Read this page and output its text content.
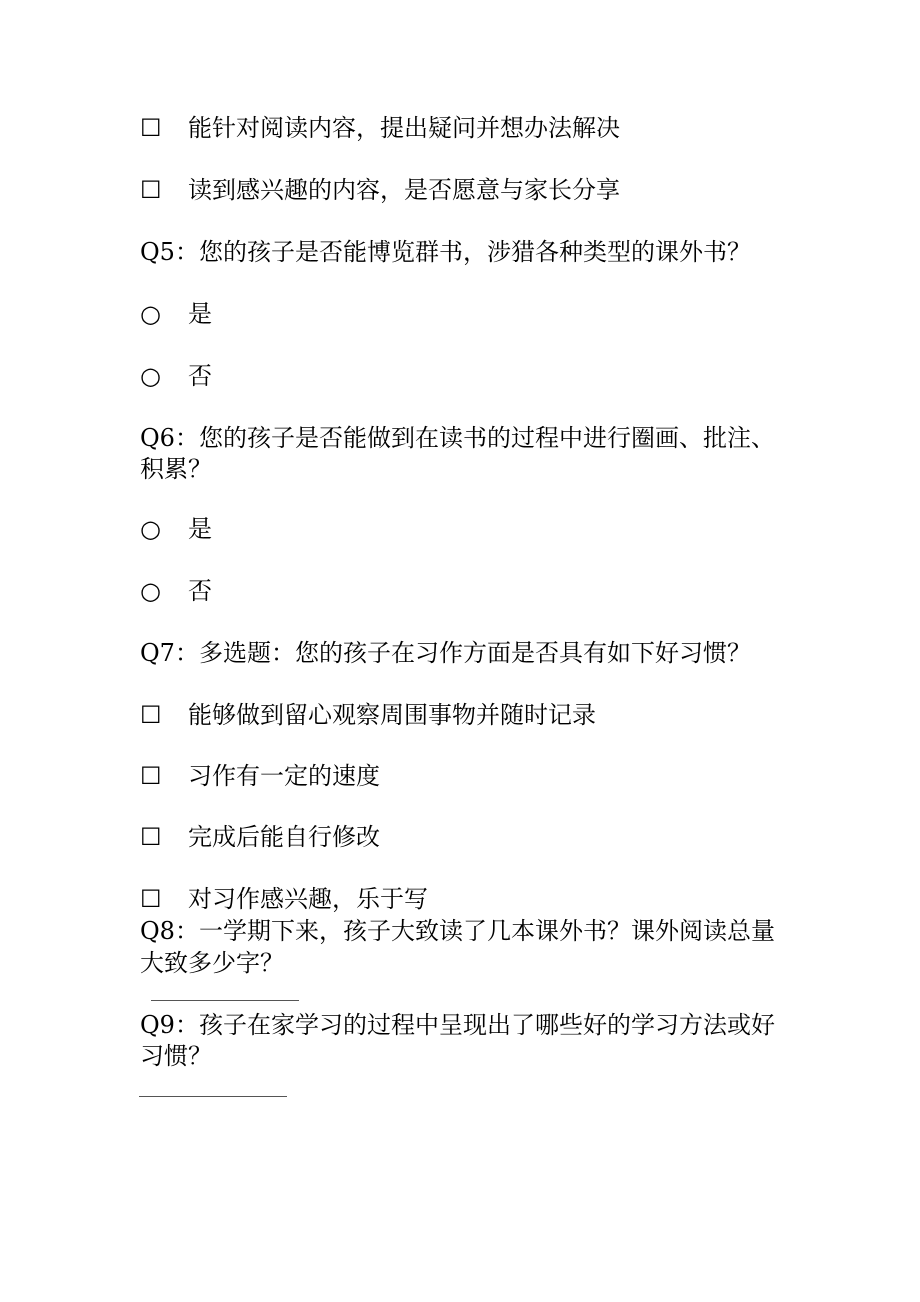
☐ 能针对阅读内容，提出疑问并想办法解决
☐ 读到感兴趣的内容，是否愿意与家长分享
Q5：您的孩子是否能博览群书，涉猎各种类型的课外书？
○ 是
○ 否
Q6：您的孩子是否能做到在读书的过程中进行圈画、批注、
积累？
○ 是
○ 否
Q7：多选题：您的孩子在习作方面是否具有如下好习惯？
☐ 能够做到留心观察周围事物并随时记录
☐ 习作有一定的速度
☐ 完成后能自行修改
☐ 对习作感兴趣，乐于写
Q8：一学期下来，孩子大致读了几本课外书？课外阅读总量
大致多少字？
Q9：孩子在家学习的过程中呈现出了哪些好的学习方法或好
习惯？
